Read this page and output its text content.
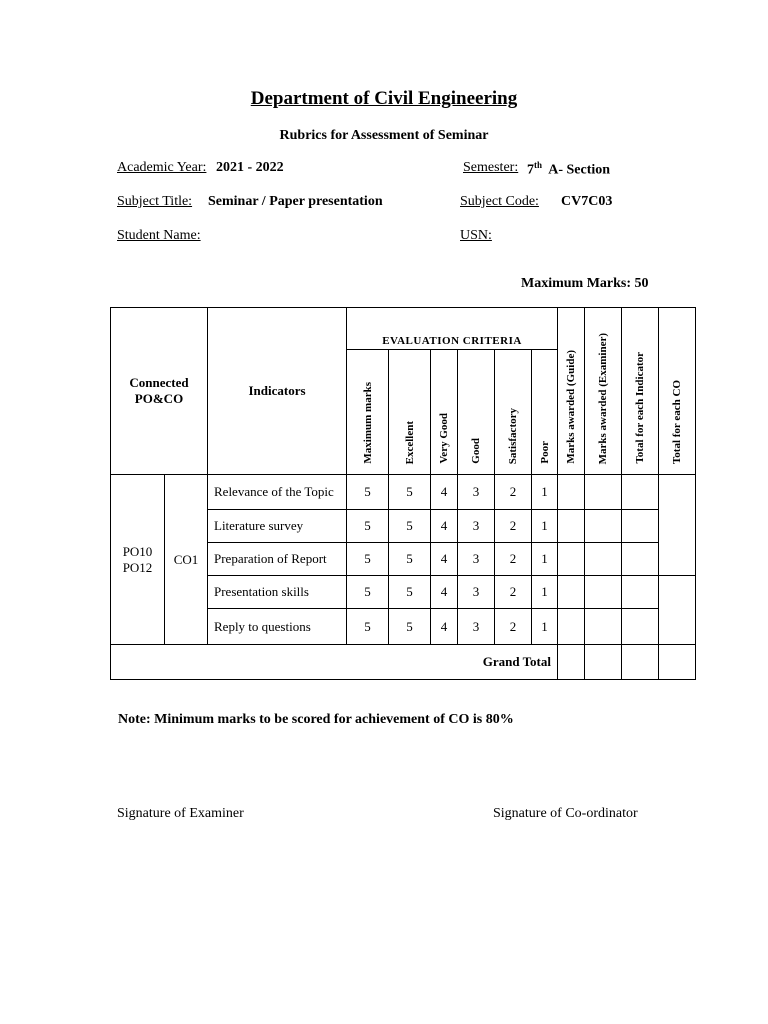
Department of Civil Engineering
Rubrics for Assessment of Seminar
Academic Year: 2021 - 2022	Semester: 7th A- Section
Subject Title: Seminar / Paper presentation	Subject Code: CV7C03
Student Name:	USN:
Maximum Marks: 50
Connected PO&CO		Indicators	EVALUATION CRITERIA						Marks awarded (Guide)	Marks awarded (Examiner)	Total for each Indicator	Total for each CO
			Maximum marks	Excellent	Very Good	Good	Satisfactory	Poor				
PO10
PO12	CO1	Relevance of the Topic	5	5	4	3	2	1				
		Literature survey	5	5	4	3	2	1				
		Preparation of Report	5	5	4	3	2	1				
		Presentation skills	5	5	4	3	2	1				
		Reply to questions	5	5	4	3	2	1				
Grand Total												
Note: Minimum marks to be scored for achievement of CO is 80%
Signature of Examiner	Signature of Co-ordinator
